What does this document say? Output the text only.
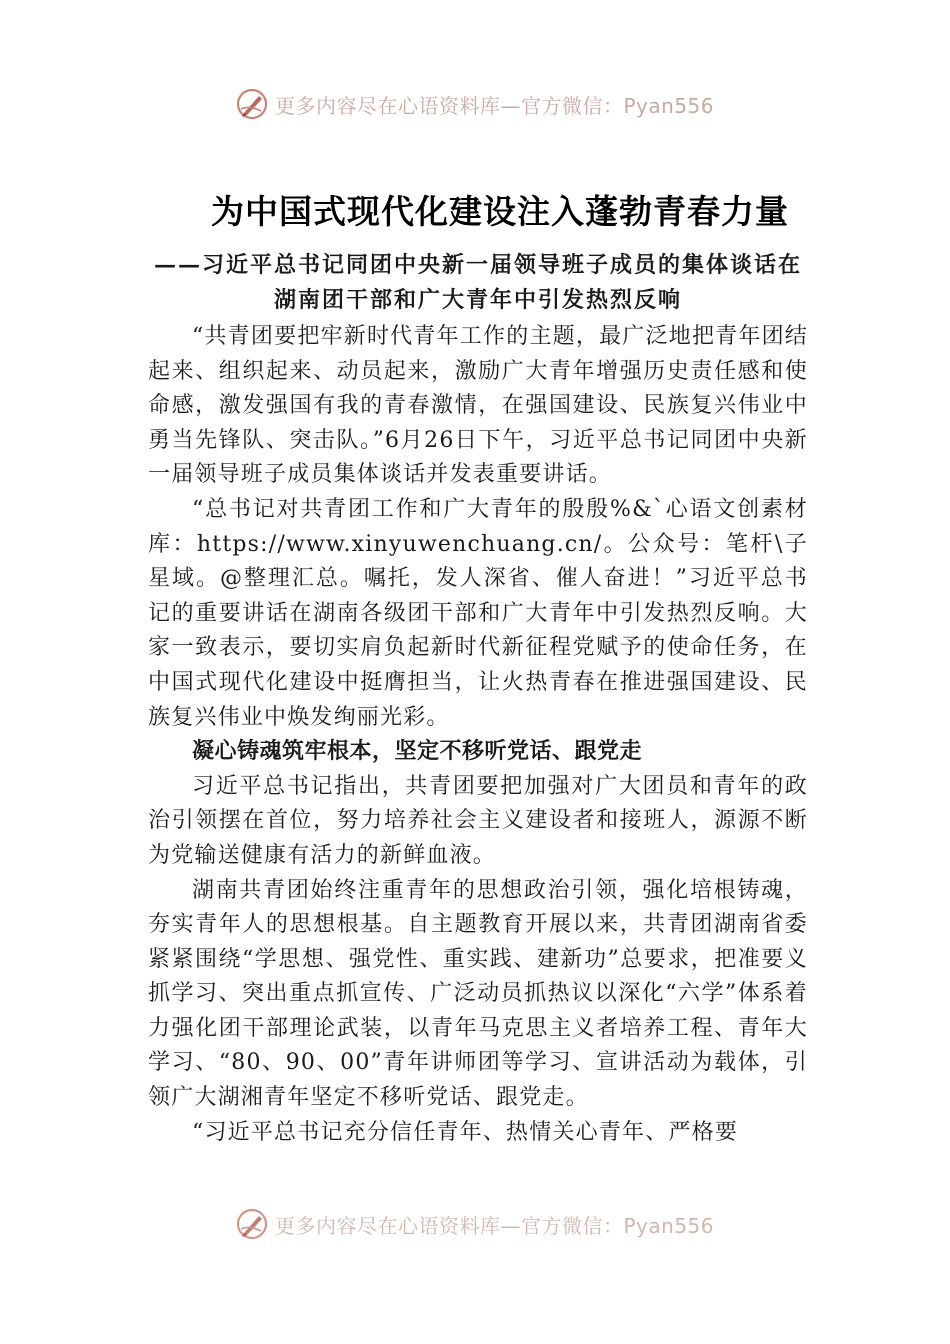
更多内容尽在心语资料库—官方微信：Pyan556
为中国式现代化建设注入蓬勃青春力量

——习近平总书记同团中央新一届领导班子成员的集体谈话在湖南团干部和广大青年中引发热烈反响

“共青团要把牢新时代青年工作的主题，最广泛地把青年团结起来、组织起来、动员起来，激励广大青年增强历史责任感和使命感，激发强国有我的青春激情，在强国建设、民族复兴伟业中勇当先锋队、突击队。”6月26日下午，习近平总书记同团中央新一届领导班子成员集体谈话并发表重要讲话。

“总书记对共青团工作和广大青年的殷殷%&`心语文创素材库：https://www.xinyuwenchuang.cn/。公众号：笔杆\子星域。@整理汇总。嘱托，发人深省、催人奋进！”习近平总书记的重要讲话在湖南各级团干部和广大青年中引发热烈反响。大家一致表示，要切实肩负起新时代新征程党赋予的使命任务，在中国式现代化建设中挺膺担当，让火热青春在推进强国建设、民族复兴伟业中焕发绚丽光彩。

凝心铸魂筑牢根本，坚定不移听党话、跟党走

习近平总书记指出，共青团要把加强对广大团员和青年的政治引领摆在首位，努力培养社会主义建设者和接班人，源源不断为党输送健康有活力的新鲜血液。

湖南共青团始终注重青年的思想政治引领，强化培根铸魂，夯实青年人的思想根基。自主题教育开展以来，共青团湖南省委紧紧围绕“学思想、强党性、重实践、建新功”总要求，把准要义抓学习、突出重点抓宣传、广泛动员抓热议以深化“六学”体系着力强化团干部理论武装，以青年马克思主义者培养工程、青年大学习、“80、90、00”青年讲师团等学习、宣讲活动为载体，引领广大湖湘青年坚定不移听党话、跟党走。

“习近平总书记充分信任青年、热情关心青年、严格要

更多内容尽在心语资料库—官方微信：Pyan556
